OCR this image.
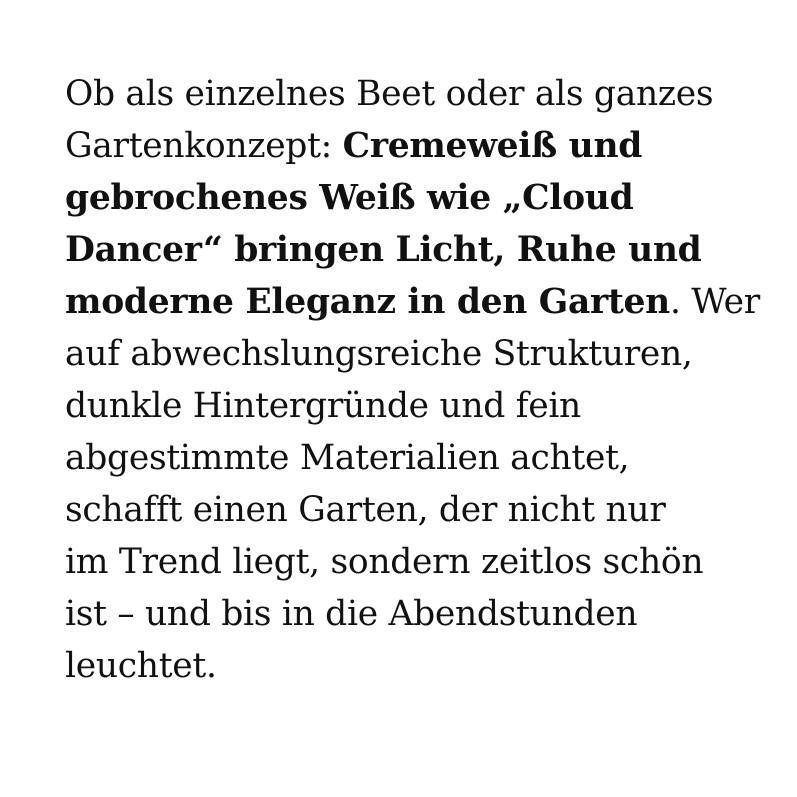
Ob als einzelnes Beet oder als ganzes
Gartenkonzept: Cremeweiß und
gebrochenes Weiß wie „Cloud
Dancer“ bringen Licht, Ruhe und
moderne Eleganz in den Garten. Wer
auf abwechslungsreiche Strukturen,
dunkle Hintergründe und fein
abgestimmte Materialien achtet,
schafft einen Garten, der nicht nur
im Trend liegt, sondern zeitlos schön
ist – und bis in die Abendstunden
leuchtet.
